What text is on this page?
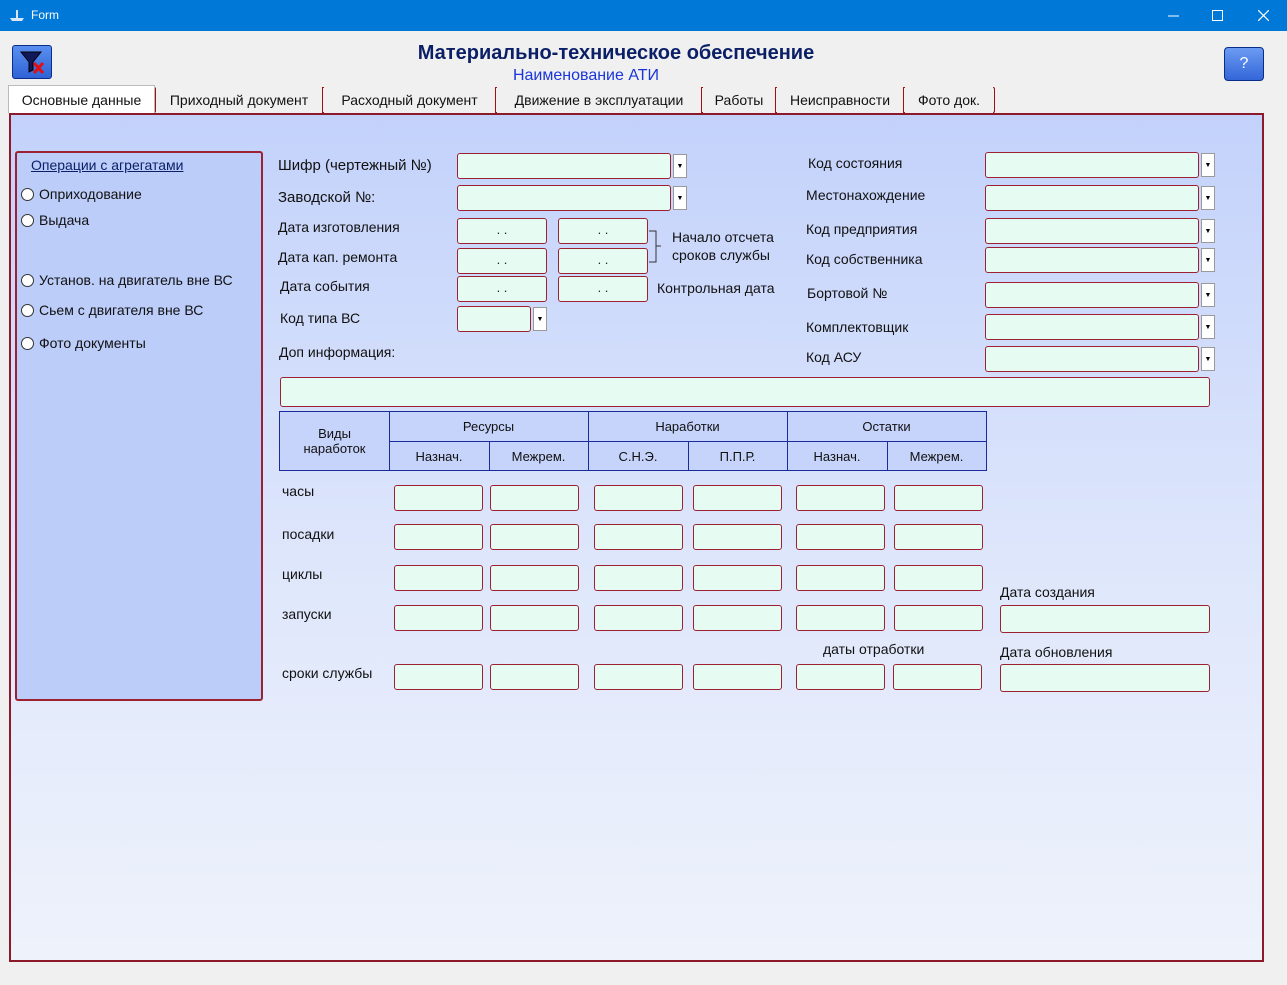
Form
Материально-техническое обеспечение
Наименование АТИ
?
Основные данные Приходный документ Расходный документ	Движение в эксплуатации Работы Неисправности Фото док.
Операции с агрегатами
Оприходование
Выдача
Установ. на двигатель вне ВС
Сьем с двигателя вне ВС
Фото документы
Шифр (чертежный №)
Заводской №:
Дата изготовления
Дата кап. ремонта
Дата события
Код типа ВС
Доп информация:
▼
▼
. .	. .
. .	. .
. .	. .
Начало отсчета
сроков службы
Контрольная дата
▼
Код состояния
Местонахождение
Код предприятия
Код собственника
Бортовой №
Комплектовщик
Код АСУ
▼
▼
▼
▼
▼
▼
▼
Виды
наработок
Ресурсы	Наработки	Остатки
Назнач.	Межрем.	С.Н.Э.	П.П.Р.	Назнач.	Межрем.
часы
посадки
циклы
запуски
сроки службы
даты отработки
Дата создания
Дата обновления
